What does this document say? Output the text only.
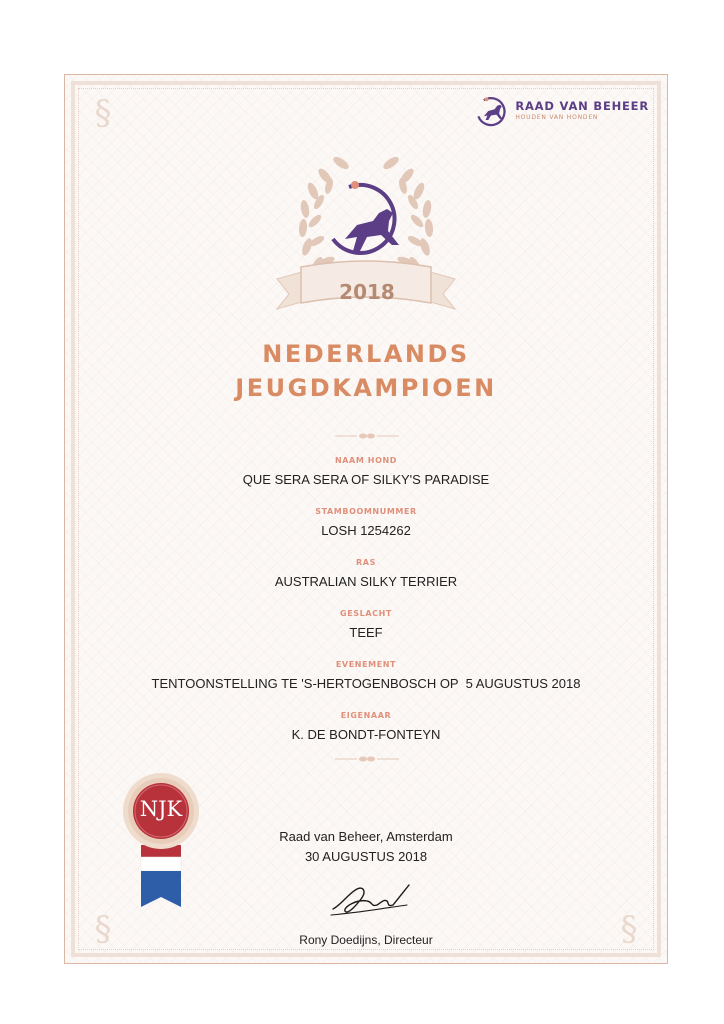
§
§	§
RAAD VAN BEHEER
HOUDEN VAN HONDEN
2018
NEDERLANDS
JEUGDKAMPIOEN
NAAM HOND
QUE SERA SERA OF SILKY'S PARADISE
STAMBOOMNUMMER
LOSH 1254262
RAS
AUSTRALIAN SILKY TERRIER
GESLACHT
TEEF
EVENEMENT
TENTOONSTELLING TE 'S-HERTOGENBOSCH OP  5 AUGUSTUS 2018
EIGENAAR
K. DE BONDT-FONTEYN
NJK
Raad van Beheer, Amsterdam
30 AUGUSTUS 2018
Rony Doedijns, Directeur
